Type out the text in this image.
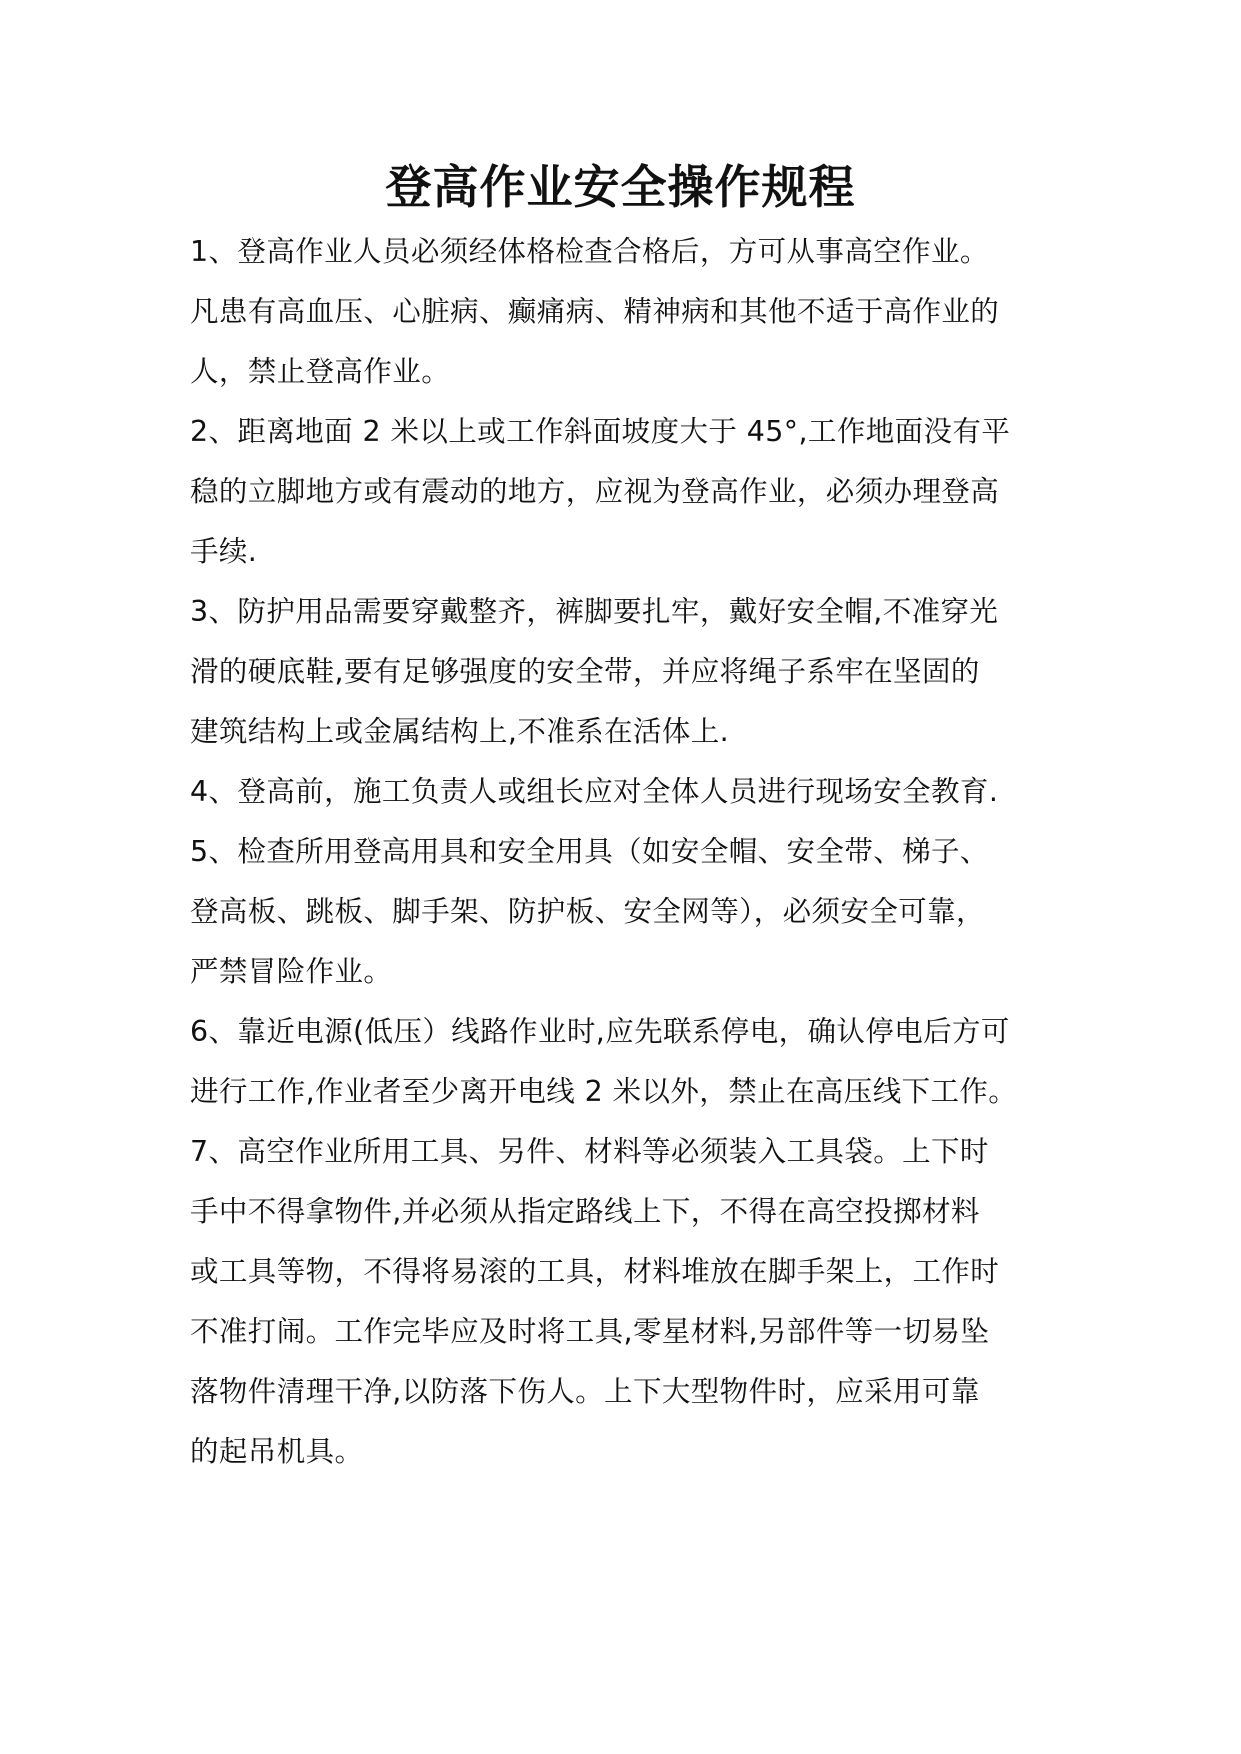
登高作业安全操作规程

1、登高作业人员必须经体格检查合格后，方可从事高空作业。

凡患有高血压、心脏病、癫痛病、精神病和其他不适于高作业的

人，禁止登高作业。

2、距离地面 2 米以上或工作斜面坡度大于 45°,工作地面没有平

稳的立脚地方或有震动的地方，应视为登高作业，必须办理登高

手续.

3、防护用品需要穿戴整齐，裤脚要扎牢，戴好安全帽,不准穿光

滑的硬底鞋,要有足够强度的安全带，并应将绳子系牢在坚固的

建筑结构上或金属结构上,不准系在活体上.

4、登高前，施工负责人或组长应对全体人员进行现场安全教育.

5、检查所用登高用具和安全用具（如安全帽、安全带、梯子、

登高板、跳板、脚手架、防护板、安全网等），必须安全可靠，

严禁冒险作业。

6、靠近电源(低压）线路作业时,应先联系停电，确认停电后方可

进行工作,作业者至少离开电线 2 米以外，禁止在高压线下工作。

7、高空作业所用工具、另件、材料等必须装入工具袋。上下时

手中不得拿物件,并必须从指定路线上下，不得在高空投掷材料

或工具等物，不得将易滚的工具，材料堆放在脚手架上，工作时

不准打闹。工作完毕应及时将工具,零星材料,另部件等一切易坠

落物件清理干净,以防落下伤人。上下大型物件时，应采用可靠

的起吊机具。
